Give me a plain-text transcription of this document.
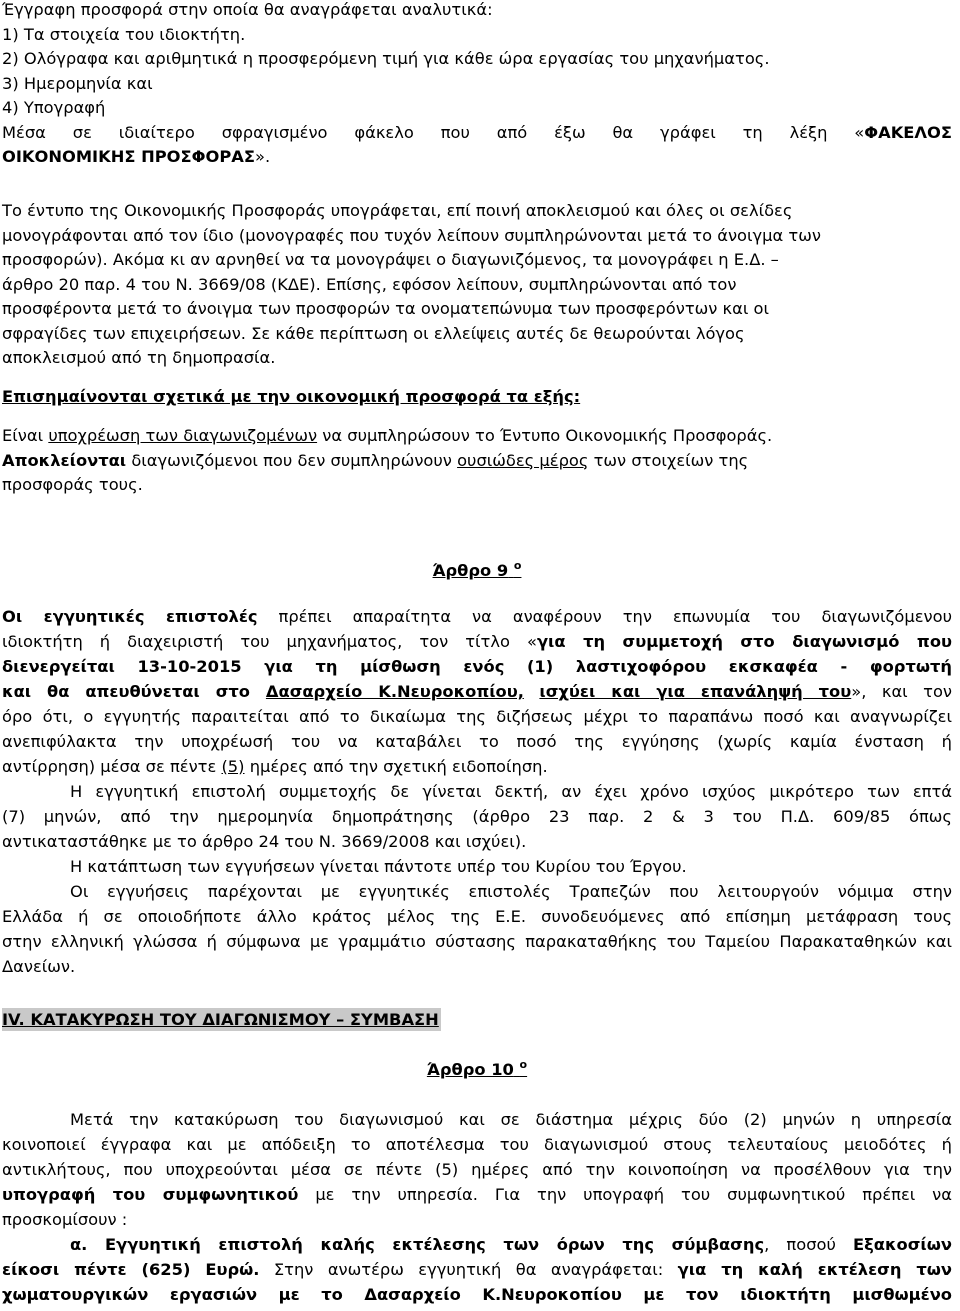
Έγγραφη προσφορά στην οποία θα αναγράφεται αναλυτικά:
1) Τα στοιχεία του ιδιοκτήτη.
2) Ολόγραφα και αριθμητικά η προσφερόμενη τιμή για κάθε ώρα εργασίας του μηχανήματος.
3) Ημερομηνία και
4) Υπογραφή
Μέσα σε ιδιαίτερο σφραγισμένο φάκελο που από έξω θα γράφει τη λέξη «ΦΑΚΕΛΟΣ
ΟΙΚΟΝΟΜΙΚΗΣ ΠΡΟΣΦΟΡΑΣ».
Το έντυπο της Οικονομικής Προσφοράς υπογράφεται, επί ποινή αποκλεισμού και όλες οι σελίδες
μονογράφονται από τον ίδιο (μονογραφές που τυχόν λείπουν συμπληρώνονται μετά το άνοιγμα των
προσφορών). Ακόμα κι αν αρνηθεί να τα μονογράψει ο διαγωνιζόμενος, τα μονογράφει η Ε.Δ. –
άρθρο 20 παρ. 4 του Ν. 3669/08 (ΚΔΕ). Επίσης, εφόσον λείπουν, συμπληρώνονται από τον
προσφέροντα μετά το άνοιγμα των προσφορών τα ονοματεπώνυμα των προσφερόντων και οι
σφραγίδες των επιχειρήσεων. Σε κάθε περίπτωση οι ελλείψεις αυτές δε θεωρούνται λόγος
αποκλεισμού από τη δημοπρασία.
Επισημαίνονται σχετικά με την οικονομική προσφορά τα εξής:
Είναι υποχρέωση των διαγωνιζομένων να συμπληρώσουν το Έντυπο Οικονομικής Προσφοράς.
Αποκλείονται διαγωνιζόμενοι που δεν συμπληρώνουν ουσιώδες μέρος των στοιχείων της
προσφοράς τους.
Άρθρο 9 $^o$
Οι εγγυητικές επιστολές πρέπει απαραίτητα να αναφέρουν την επωνυμία του διαγωνιζόμενου
ιδιοκτήτη ή διαχειριστή του μηχανήματος, τον τίτλο «για τη συμμετοχή στο διαγωνισμό που
διενεργείται 13-10-2015 για τη μίσθωση ενός (1) λαστιχοφόρου εκσκαφέα - φορτωτή
και θα απευθύνεται στο Δασαρχείο Κ.Νευροκοπίου, ισχύει και για επανάληψή του», και τον
όρο ότι, ο εγγυητής παραιτείται από το δικαίωμα της διζήσεως μέχρι το παραπάνω ποσό και αναγνωρίζει
ανεπιφύλακτα την υποχρέωσή του να καταβάλει το ποσό της εγγύησης (χωρίς καμία ένσταση ή
αντίρρηση) μέσα σε πέντε (5) ημέρες από την σχετική ειδοποίηση.
Η εγγυητική επιστολή συμμετοχής δε γίνεται δεκτή, αν έχει χρόνο ισχύος μικρότερο των επτά
(7) μηνών, από την ημερομηνία δημοπράτησης (άρθρο 23 παρ. 2 & 3 του Π.Δ. 609/85 όπως
αντικαταστάθηκε με το άρθρο 24 του Ν. 3669/2008 και ισχύει).
Η κατάπτωση των εγγυήσεων γίνεται πάντοτε υπέρ του Κυρίου του Έργου.
Οι εγγυήσεις παρέχονται με εγγυητικές επιστολές Τραπεζών που λειτουργούν νόμιμα στην
Ελλάδα ή σε οποιοδήποτε άλλο κράτος μέλος της Ε.Ε. συνοδευόμενες από επίσημη μετάφραση τους
στην ελληνική γλώσσα ή σύμφωνα με γραμμάτιο σύστασης παρακαταθήκης του Ταμείου Παρακαταθηκών και
Δανείων.
IV. ΚΑΤΑΚΥΡΩΣΗ ΤΟΥ ΔΙΑΓΩΝΙΣΜΟΥ – ΣΥΜΒΑΣΗ
Άρθρο 10 $^o$
Μετά την κατακύρωση του διαγωνισμού και σε διάστημα μέχρις δύο (2) μηνών η υπηρεσία
κοινοποιεί έγγραφα και με απόδειξη το αποτέλεσμα του διαγωνισμού στους τελευταίους μειοδότες ή
αντικλήτους, που υποχρεούνται μέσα σε πέντε (5) ημέρες από την κοινοποίηση να προσέλθουν για την
υπογραφή του συμφωνητικού με την υπηρεσία. Για την υπογραφή του συμφωνητικού πρέπει να
προσκομίσουν :
α. Εγγυητική επιστολή καλής εκτέλεσης των όρων της σύμβασης, ποσού Εξακοσίων
είκοσι πέντε (625) Ευρώ. Στην ανωτέρω εγγυητική θα αναγράφεται: για τη καλή εκτέλεση των
χωματουργικών εργασιών με το Δασαρχείο Κ.Νευροκοπίου με τον ιδιοκτήτη μισθωμένο
